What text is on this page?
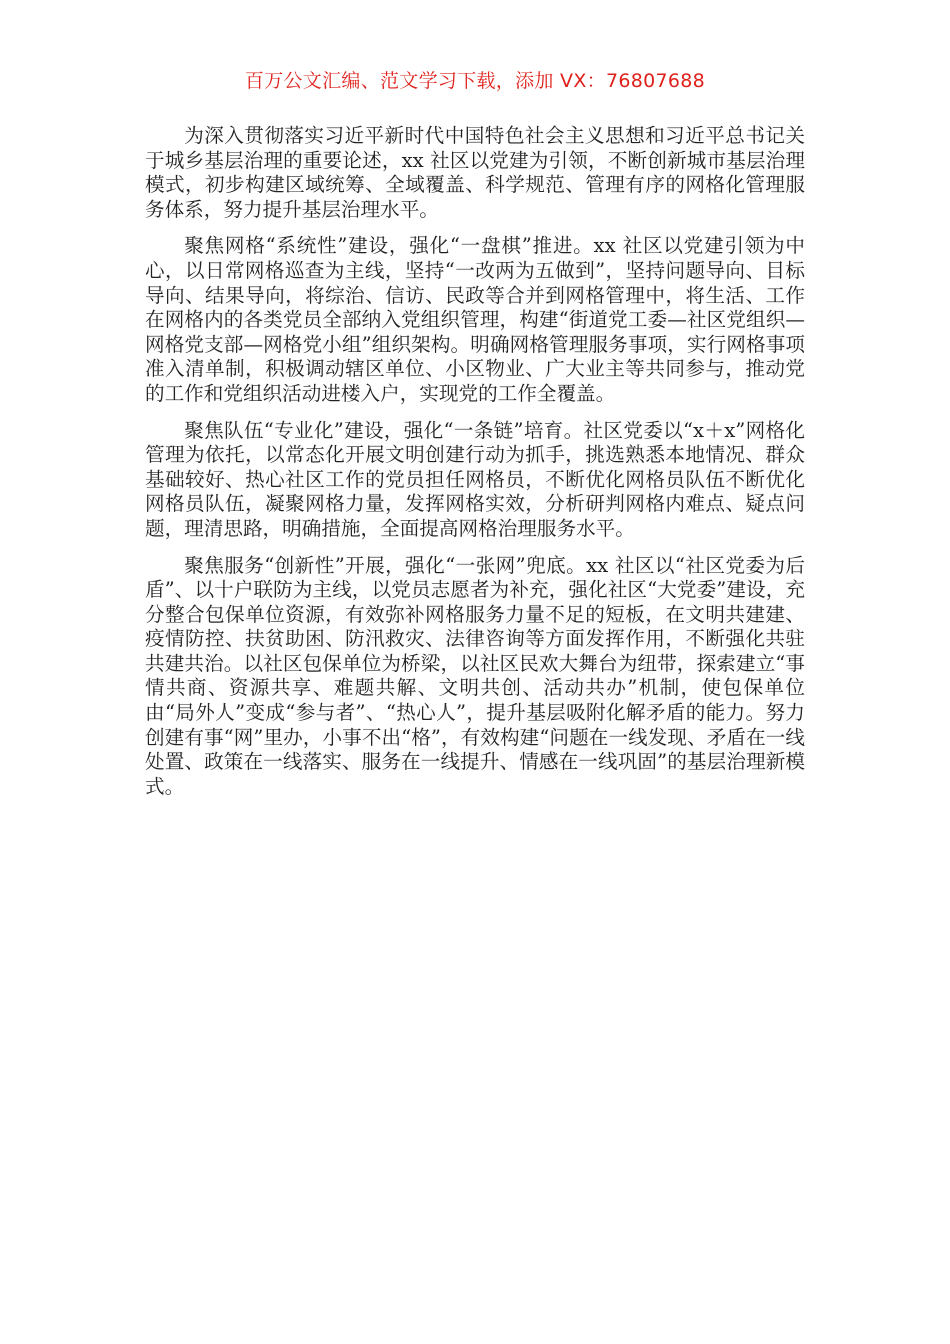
百万公文汇编、范文学习下载，添加 VX：76807688

为深入贯彻落实习近平新时代中国特色社会主义思想和习近平总书记关于城乡基层治理的重要论述，xx 社区以党建为引领，不断创新城市基层治理模式，初步构建区域统筹、全域覆盖、科学规范、管理有序的网格化管理服务体系，努力提升基层治理水平。

聚焦网格“系统性”建设，强化“一盘棋”推进。xx 社区以党建引领为中心，以日常网格巡查为主线，坚持“一改两为五做到”，坚持问题导向、目标导向、结果导向，将综治、信访、民政等合并到网格管理中，将生活、工作在网格内的各类党员全部纳入党组织管理，构建“街道党工委—社区党组织—网格党支部—网格党小组”组织架构。明确网格管理服务事项，实行网格事项准入清单制，积极调动辖区单位、小区物业、广大业主等共同参与，推动党的工作和党组织活动进楼入户，实现党的工作全覆盖。

聚焦队伍“专业化”建设，强化“一条链”培育。社区党委以“x＋x”网格化管理为依托，以常态化开展文明创建行动为抓手，挑选熟悉本地情况、群众基础较好、热心社区工作的党员担任网格员，不断优化网格员队伍不断优化网格员队伍，凝聚网格力量，发挥网格实效，分析研判网格内难点、疑点问题，理清思路，明确措施，全面提高网格治理服务水平。

聚焦服务“创新性”开展，强化“一张网”兜底。xx 社区以“社区党委为后盾”、以十户联防为主线，以党员志愿者为补充，强化社区“大党委”建设，充分整合包保单位资源，有效弥补网格服务力量不足的短板，在文明共建建、疫情防控、扶贫助困、防汛救灾、法律咨询等方面发挥作用，不断强化共驻共建共治。以社区包保单位为桥梁，以社区民欢大舞台为纽带，探索建立“事情共商、资源共享、难题共解、文明共创、活动共办”机制，使包保单位由“局外人”变成“参与者”、“热心人”，提升基层吸附化解矛盾的能力。努力创建有事“网”里办，小事不出“格”，有效构建“问题在一线发现、矛盾在一线处置、政策在一线落实、服务在一线提升、情感在一线巩固”的基层治理新模式。
